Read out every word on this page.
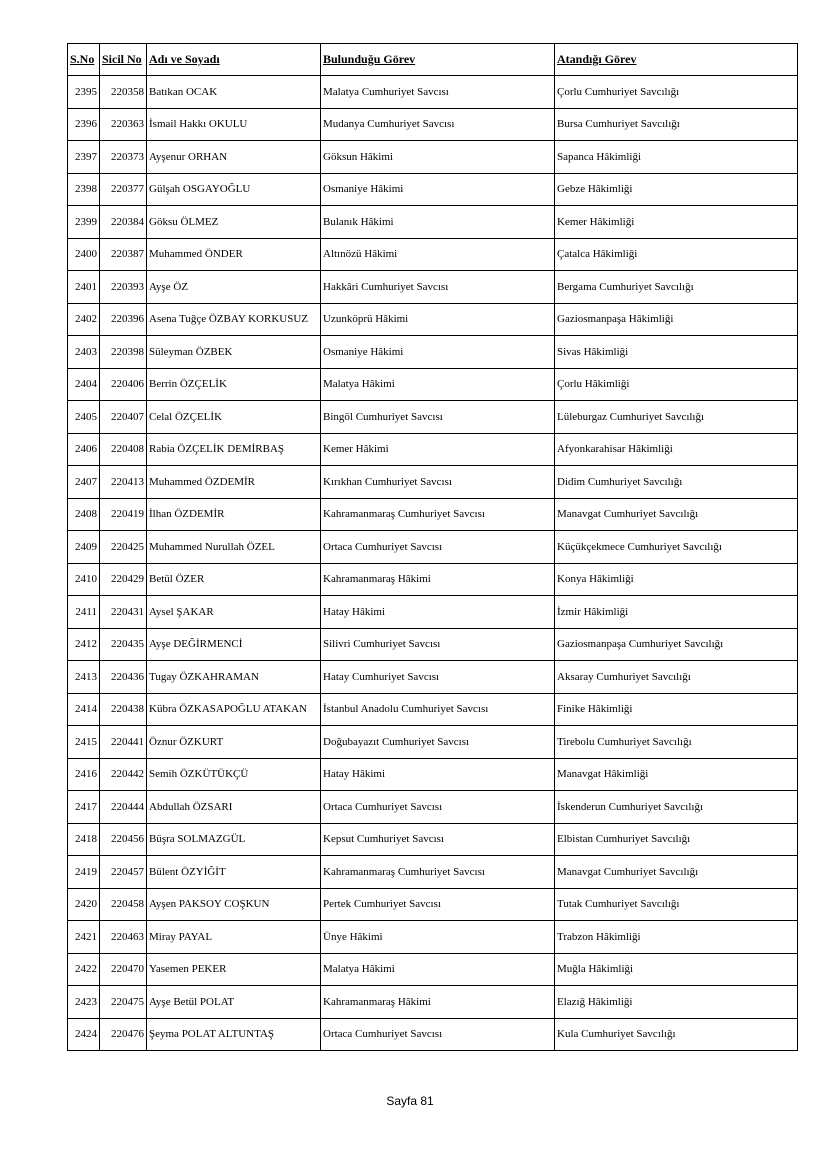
S.No	Sicil No	Adı ve Soyadı	Bulunduğu Görev	Atandığı Görev
2395	220358	Batıkan OCAK	Malatya Cumhuriyet Savcısı	Çorlu Cumhuriyet Savcılığı
2396	220363	İsmail Hakkı OKULU	Mudanya Cumhuriyet Savcısı	Bursa Cumhuriyet Savcılığı
2397	220373	Ayşenur ORHAN	Göksun Hâkimi	Sapanca Hâkimliği
2398	220377	Gülşah OSGAYOĞLU	Osmaniye Hâkimi	Gebze Hâkimliği
2399	220384	Göksu ÖLMEZ	Bulanık Hâkimi	Kemer Hâkimliği
2400	220387	Muhammed ÖNDER	Altınözü Hâkimi	Çatalca Hâkimliği
2401	220393	Ayşe ÖZ	Hakkâri Cumhuriyet Savcısı	Bergama Cumhuriyet Savcılığı
2402	220396	Asena Tuğçe ÖZBAY KORKUSUZ	Uzunköprü Hâkimi	Gaziosmanpaşa Hâkimliği
2403	220398	Süleyman ÖZBEK	Osmaniye Hâkimi	Sivas Hâkimliği
2404	220406	Berrin ÖZÇELİK	Malatya Hâkimi	Çorlu Hâkimliği
2405	220407	Celal ÖZÇELİK	Bingöl Cumhuriyet Savcısı	Lüleburgaz Cumhuriyet Savcılığı
2406	220408	Rabia ÖZÇELİK DEMİRBAŞ	Kemer Hâkimi	Afyonkarahisar Hâkimliği
2407	220413	Muhammed ÖZDEMİR	Kırıkhan Cumhuriyet Savcısı	Didim Cumhuriyet Savcılığı
2408	220419	İlhan ÖZDEMİR	Kahramanmaraş Cumhuriyet Savcısı	Manavgat Cumhuriyet Savcılığı
2409	220425	Muhammed Nurullah ÖZEL	Ortaca Cumhuriyet Savcısı	Küçükçekmece Cumhuriyet Savcılığı
2410	220429	Betül ÖZER	Kahramanmaraş Hâkimi	Konya Hâkimliği
2411	220431	Aysel ŞAKAR	Hatay Hâkimi	İzmir Hâkimliği
2412	220435	Ayşe DEĞİRMENCİ	Silivri Cumhuriyet Savcısı	Gaziosmanpaşa Cumhuriyet Savcılığı
2413	220436	Tugay ÖZKAHRAMAN	Hatay Cumhuriyet Savcısı	Aksaray Cumhuriyet Savcılığı
2414	220438	Kübra ÖZKASAPOĞLU ATAKAN	İstanbul Anadolu Cumhuriyet Savcısı	Finike Hâkimliği
2415	220441	Öznur ÖZKURT	Doğubayazıt Cumhuriyet Savcısı	Tirebolu Cumhuriyet Savcılığı
2416	220442	Semih ÖZKÜTÜKÇÜ	Hatay Hâkimi	Manavgat Hâkimliği
2417	220444	Abdullah ÖZSARI	Ortaca Cumhuriyet Savcısı	İskenderun Cumhuriyet Savcılığı
2418	220456	Büşra SOLMAZGÜL	Kepsut Cumhuriyet Savcısı	Elbistan Cumhuriyet Savcılığı
2419	220457	Bülent ÖZYİĞİT	Kahramanmaraş Cumhuriyet Savcısı	Manavgat Cumhuriyet Savcılığı
2420	220458	Ayşen PAKSOY COŞKUN	Pertek Cumhuriyet Savcısı	Tutak Cumhuriyet Savcılığı
2421	220463	Miray PAYAL	Ünye Hâkimi	Trabzon Hâkimliği
2422	220470	Yasemen PEKER	Malatya Hâkimi	Muğla Hâkimliği
2423	220475	Ayşe Betül POLAT	Kahramanmaraş Hâkimi	Elazığ Hâkimliği
2424	220476	Şeyma POLAT ALTUNTAŞ	Ortaca Cumhuriyet Savcısı	Kula Cumhuriyet Savcılığı
Sayfa 81
